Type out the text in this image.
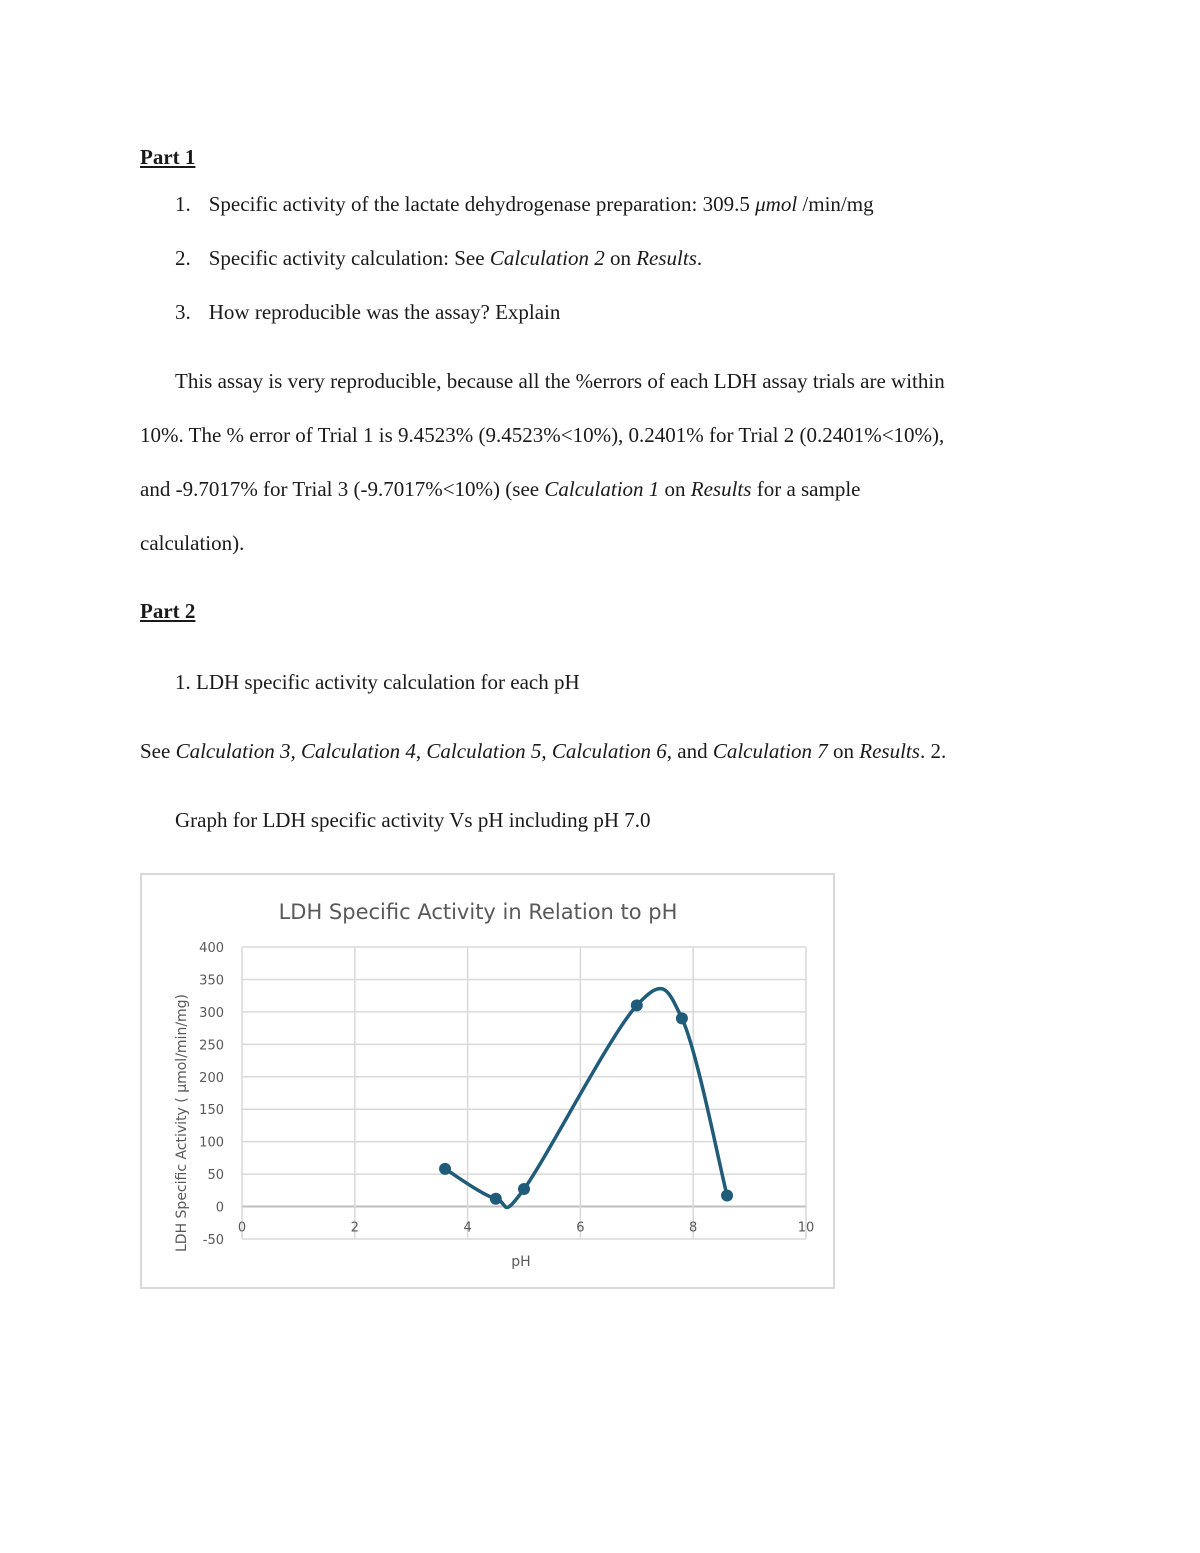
Part 1
1. Specific activity of the lactate dehydrogenase preparation: 309.5 μmol /min/mg
2. Specific activity calculation: See Calculation 2 on Results.
3. How reproducible was the assay? Explain
This assay is very reproducible, because all the %errors of each LDH assay trials are within
10%. The % error of Trial 1 is 9.4523% (9.4523%<10%), 0.2401% for Trial 2 (0.2401%<10%),
and -9.7017% for Trial 3 (-9.7017%<10%) (see Calculation 1 on Results for a sample
calculation).
Part 2
1. LDH specific activity calculation for each pH
See Calculation 3, Calculation 4, Calculation 5, Calculation 6, and Calculation 7 on Results. 2.
Graph for LDH specific activity Vs pH including pH 7.0
LDH Specific Activity in Relation to pH
pH
LDH Specific Activity ( μmol/min/mg)
400
350
300
250
200
150
100
50
0
-50
0	2	4	6	8	10
